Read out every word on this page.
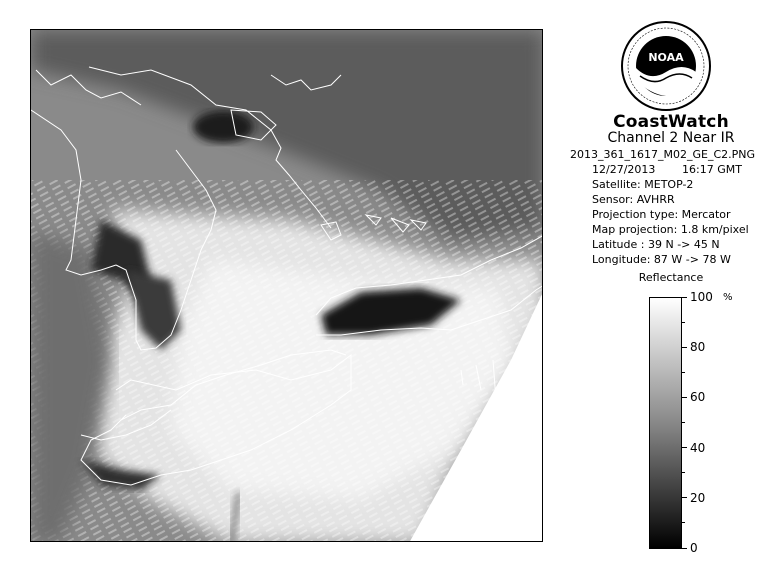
NOAA
CoastWatch
Channel 2 Near IR
2013_361_1617_M02_GE_C2.PNG
12/27/2013 16:17 GMT
Satellite: METOP-2
Sensor: AVHRR
Projection type: Mercator
Map projection: 1.8 km/pixel
Latitude : 39 N -> 45 N
Longitude: 87 W -> 78 W
Reflectance
%
100
80
60
40
20
0
